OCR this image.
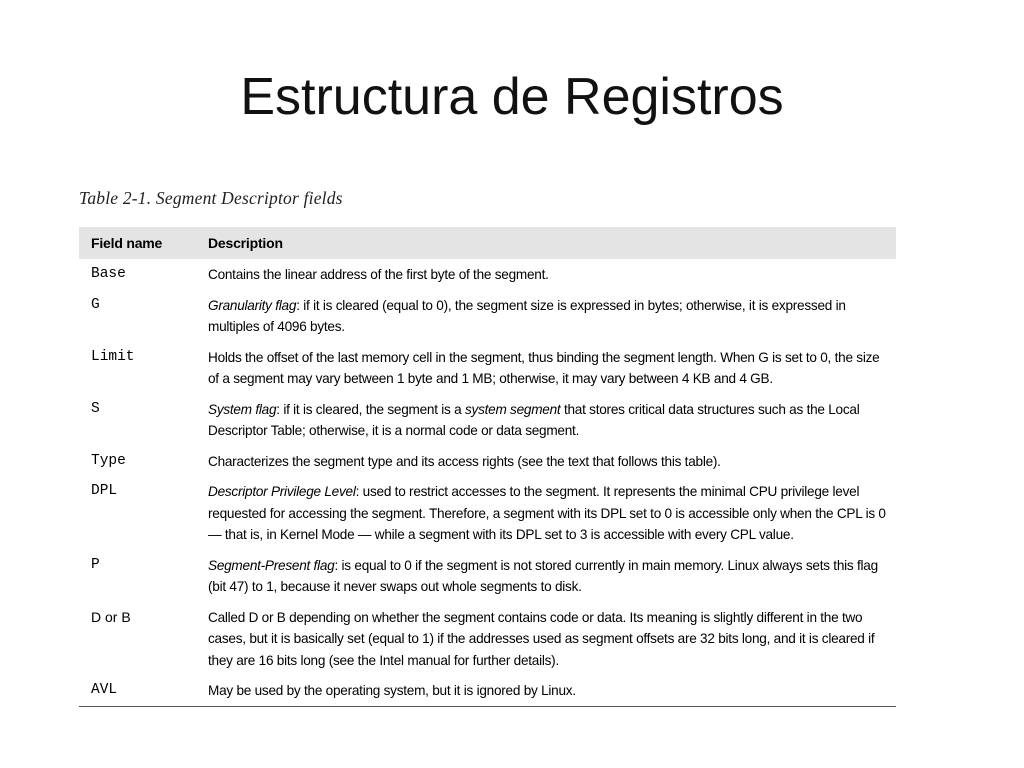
Estructura de Registros
Table 2-1. Segment Descriptor fields
Field name	Description
Base	Contains the linear address of the first byte of the segment.
G	Granularity flag: if it is cleared (equal to 0), the segment size is expressed in bytes; otherwise, it is expressed in multiples of 4096 bytes.
Limit	Holds the offset of the last memory cell in the segment, thus binding the segment length. When G is set to 0, the size of a segment may vary between 1 byte and 1 MB; otherwise, it may vary between 4 KB and 4 GB.
S	System flag: if it is cleared, the segment is a system segment that stores critical data structures such as the Local Descriptor Table; otherwise, it is a normal code or data segment.
Type	Characterizes the segment type and its access rights (see the text that follows this table).
DPL	Descriptor Privilege Level: used to restrict accesses to the segment. It represents the minimal CPU privilege level requested for accessing the segment. Therefore, a segment with its DPL set to 0 is accessible only when the CPL is 0 — that is, in Kernel Mode — while a segment with its DPL set to 3 is accessible with every CPL value.
P	Segment-Present flag: is equal to 0 if the segment is not stored currently in main memory. Linux always sets this flag (bit 47) to 1, because it never swaps out whole segments to disk.
D or B	Called D or B depending on whether the segment contains code or data. Its meaning is slightly different in the two cases, but it is basically set (equal to 1) if the addresses used as segment offsets are 32 bits long, and it is cleared if they are 16 bits long (see the Intel manual for further details).
AVL	May be used by the operating system, but it is ignored by Linux.
